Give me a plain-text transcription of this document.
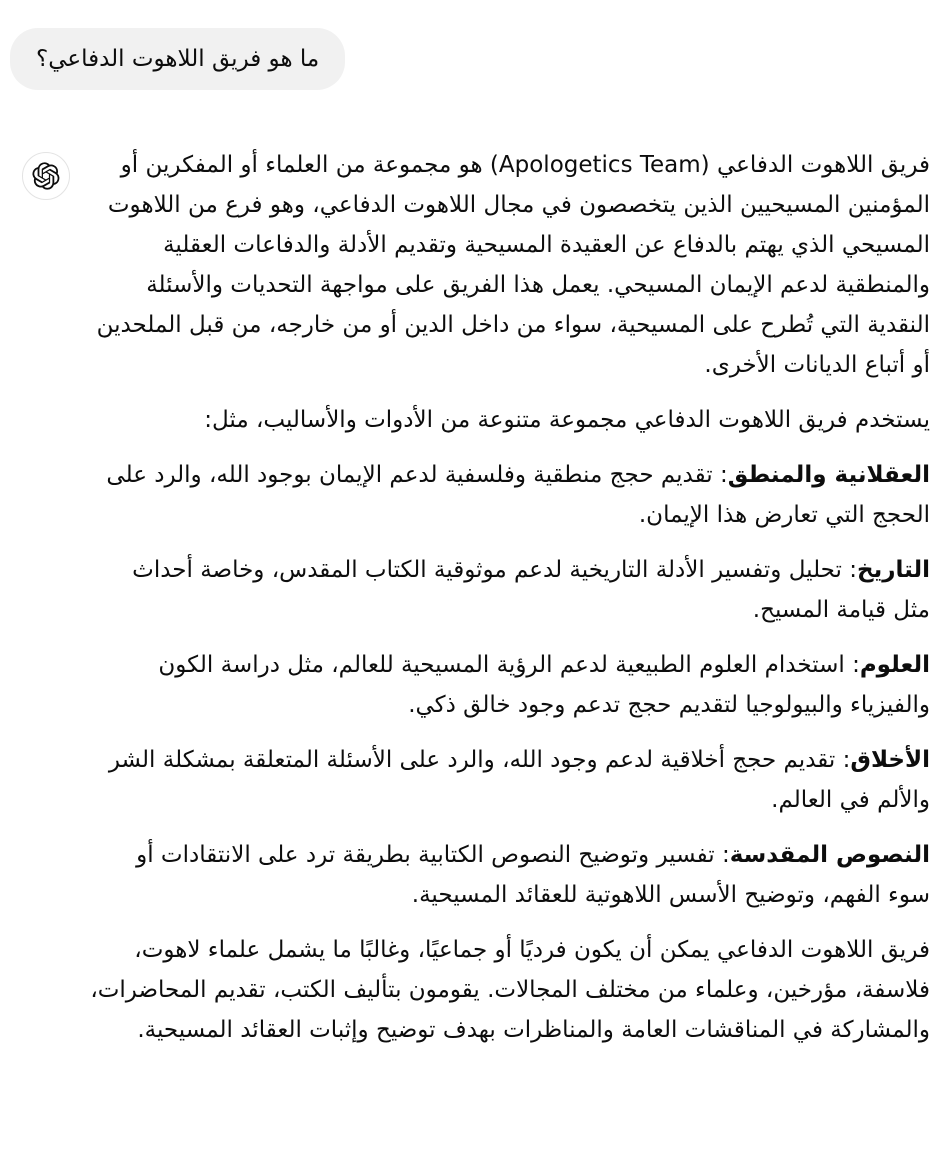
ما هو فريق اللاهوت الدفاعي؟

فريق اللاهوت الدفاعي (Apologetics Team) هو مجموعة من العلماء أو المفكرين أو المؤمنين المسيحيين الذين يتخصصون في مجال اللاهوت الدفاعي، وهو فرع من اللاهوت المسيحي الذي يهتم بالدفاع عن العقيدة المسيحية وتقديم الأدلة والدفاعات العقلية والمنطقية لدعم الإيمان المسيحي. يعمل هذا الفريق على مواجهة التحديات والأسئلة النقدية التي تُطرح على المسيحية، سواء من داخل الدين أو من خارجه، من قبل الملحدين أو أتباع الديانات الأخرى.

يستخدم فريق اللاهوت الدفاعي مجموعة متنوعة من الأدوات والأساليب، مثل:

العقلانية والمنطق: تقديم حجج منطقية وفلسفية لدعم الإيمان بوجود الله، والرد على الحجج التي تعارض هذا الإيمان.

التاريخ: تحليل وتفسير الأدلة التاريخية لدعم موثوقية الكتاب المقدس، وخاصة أحداث مثل قيامة المسيح.

العلوم: استخدام العلوم الطبيعية لدعم الرؤية المسيحية للعالم، مثل دراسة الكون والفيزياء والبيولوجيا لتقديم حجج تدعم وجود خالق ذكي.

الأخلاق: تقديم حجج أخلاقية لدعم وجود الله، والرد على الأسئلة المتعلقة بمشكلة الشر والألم في العالم.

النصوص المقدسة: تفسير وتوضيح النصوص الكتابية بطريقة ترد على الانتقادات أو سوء الفهم، وتوضيح الأسس اللاهوتية للعقائد المسيحية.

فريق اللاهوت الدفاعي يمكن أن يكون فرديًا أو جماعيًا، وغالبًا ما يشمل علماء لاهوت، فلاسفة، مؤرخين، وعلماء من مختلف المجالات. يقومون بتأليف الكتب، تقديم المحاضرات، والمشاركة في المناقشات العامة والمناظرات بهدف توضيح وإثبات العقائد المسيحية.
